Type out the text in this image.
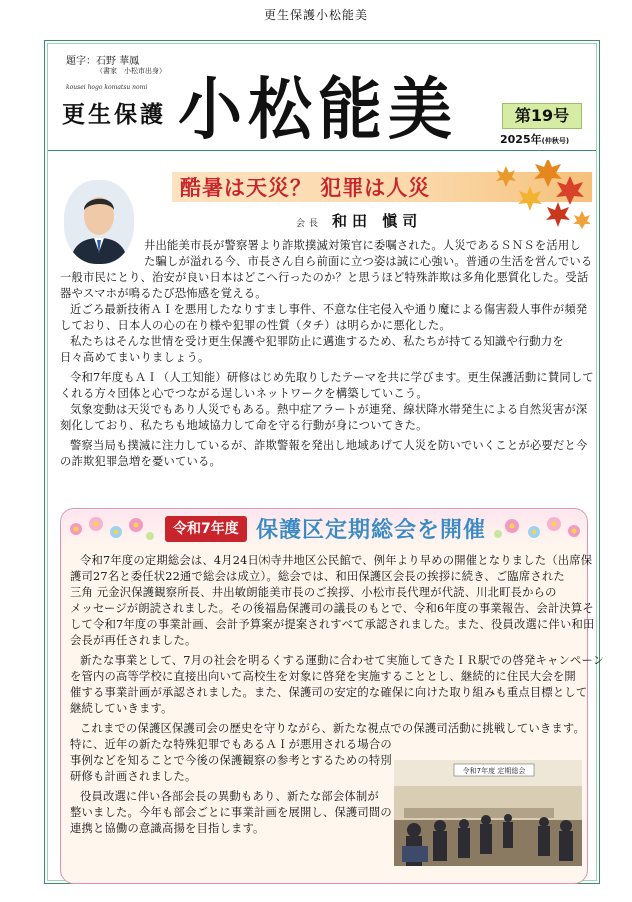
更生保護小松能美
題字：石野 華鳳
（書家　小松市出身）
kousei hogo komatsu nomi
更生保護 小松能美	第19号
2025年(仲秋号)
酷暑は天災？ 犯罪は人災
会長 和田 愼司
井出能美市長が警察署より詐欺撲滅対策官に委嘱された。人災であるＳＮＳを活用し
た騙しが溢れる今、市長さん自ら前面に立つ姿は誠に心強い。普通の生活を営んでいる
一般市民にとり、治安が良い日本はどこへ行ったのか？と思うほど特殊詐欺は多角化悪質化した。受話
器やスマホが鳴るたび恐怖感を覚える。
近ごろ最新技術ＡＩを悪用したなりすまし事件、不意な住宅侵入や通り魔による傷害殺人事件が頻発
しており、日本人の心の在り様や犯罪の性質（タチ）は明らかに悪化した。
私たちはそんな世情を受け更生保護や犯罪防止に邁進するため、私たちが持てる知識や行動力を
日々高めてまいりましょう。
令和7年度もＡＩ（人工知能）研修はじめ先取りしたテーマを共に学びます。更生保護活動に賛同して
くれる方々団体と心でつながる逞しいネットワークを構築していこう。
気象変動は天災でもあり人災でもある。熱中症アラートが連発、線状降水帯発生による自然災害が深
刻化しており、私たちも地域協力して命を守る行動が身についてきた。
警察当局も撲滅に注力しているが、詐欺警報を発出し地域あげて人災を防いでいくことが必要だと今
の詐欺犯罪急増を憂いている。
令和7年度 保護区定期総会を開催
令和7年度の定期総会は、4月24日㈭寺井地区公民館で、例年より早めの開催となりました（出席保
護司27名と委任状22通で総会は成立）。総会では、和田保護区会長の挨拶に続き、ご臨席された
三角 元金沢保護観察所長、井出敏朗能美市長のご挨拶、小松市長代理が代読、川北町長からの
メッセージが朗読されました。その後福島保護司の議長のもとで、令和6年度の事業報告、会計決算そ
して令和7年度の事業計画、会計予算案が提案されすべて承認されました。また、役員改選に伴い和田
会長が再任されました。
新たな事業として、7月の社会を明るくする運動に合わせて実施してきたＩＲ駅での啓発キャンペーン
を管内の高等学校に直接出向いて高校生を対象に啓発を実施することとし、継続的に住民大会を開
催する事業計画が承認されました。また、保護司の安定的な確保に向けた取り組みも重点目標として
継続していきます。
これまでの保護区保護司会の歴史を守りながら、新たな視点での保護司活動に挑戦していきます。
特に、近年の新たな特殊犯罪でもあるＡＩが悪用される場合の
事例などを知ることで今後の保護観察の参考とするための特別
研修も計画されました。
役員改選に伴い各部会長の異動もあり、新たな部会体制が
整いました。今年も部会ごとに事業計画を展開し、保護司間の
連携と協働の意識高揚を目指します。
令和7年度 定期総会
